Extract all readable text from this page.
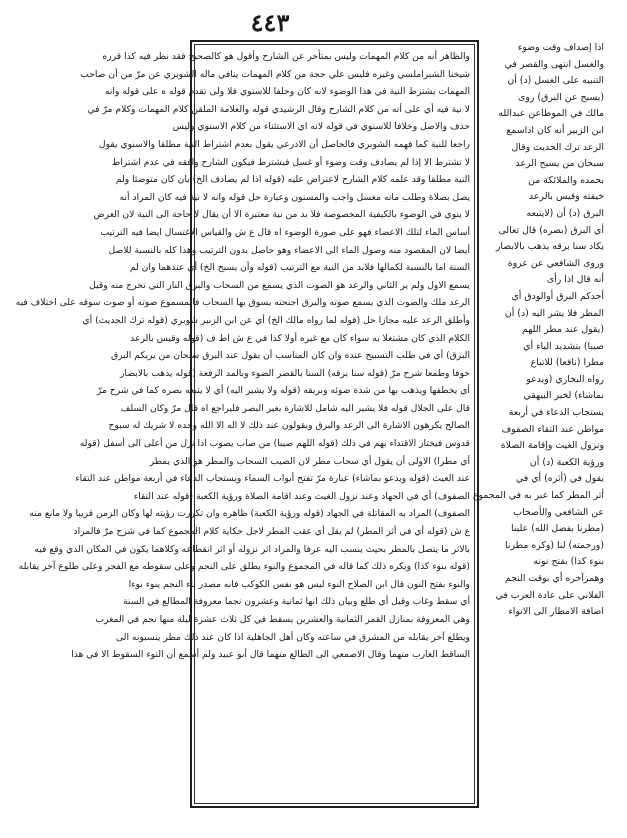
٤٤٣
والظاهر أنه من كلام المهمات وليس بمتأخر عن الشارح وأقول هو كالصحيح فقد نظر فيه كذا قرره
شيخنا الشبراملسي وغيره فليس علي حجة من كلام المهمات ينافي ماله الشوبري عن مرّ من أن صاحب
المهمات يشترط النية في هذا الوضوء لانه كان وحلفا للاسنوي فلا ولى تقدم قوله ه على قوله وانه
لا نية فيه أي على أنه من كلام الشارح وقال الرشيدي قوله والعلامة الملقن كلام المهمات وكلام مرّ في
حذف والاصل وخلافا للاسنوي في قوله لانه اي الاستثناء من كلام الاسنوي وليس
راجعا للنية كما فهمه الشوبري فالحاصل أن الاذرعي يقول بعدم اشتراط النية مطلقا والاسنوي يقول
لا تشترط الا إذا لم يصادف وقت وضوء أو غسل فيشترط فيكون الشارح وافقه في عدم اشتراط
النية مطلقا وقد علمه كلام الشارح لاعتراض عليه (قوله اذا لم يصادف الخ) بان كان متوضئا ولم
يصل بصلاة وطلب مانه مغسل واجب والمسنون وعبارة حل قوله وانه لا نية فيه كان المراد أنه
لا ينوي في الوضوء بالكيفية المخصوصة فلا بد من نية معتبرة الا أن يقال لا حاجة الى النية لان الغرض
أساس الماء لتلك الاعضاء فهو على صورة الوضوء اه قال ع ش والقياس الاغتسال ايضا فيه الترتيب
أيضا لان المقصود منه وصول الماء الى الاعضاء وهو حاصل بدون الترتيب وهذا كله بالنسبة للاصل
السنة اما بالنسبة لكمالها فلابد من النية مع الترتيب (قوله وأن يسبح الخ) أي عندهما وان لم
يسمع الاول ولم ير الثاني والرعد هو الصوت الذي يسمع من السحاب والبرق النار التي تخرج منه وقيل
الرعد ملك والصوت الذي يسمع صوته والبرق اجنحته يسوق بها السحاب فالمسموع صوته أو صوت سوقه على اختلاف فيه
وأطلق الرعد عليه مجازا حل (قوله لما رواه مالك الخ) أي عن ابن الزبير شوبري (قوله ترك الحديث) أي
الكلام الذي كان مشتغلا به سواء كان مع غيره أولا كذا في ع ش اط ف (قوله وقيس بالرعد
البرق) أي في طلب التسبيح عنده وان كان المناسب أن يقول عند البرق سبحان من يريكم البرق
خوفا وطمعا شرح مرّ (قوله سنا برقه) السنا بالقصر الضوء وبالمد الرفعة (قوله يذهب بالابصار
أي يخطفها ويذهب بها من شدة ضوئه وبريقه (قوله ولا يشير اليه) أي لا يتبعه بصره كما في شرح مرّ
قال على الجلال قوله فلا يشير اليه شامل للاشارة بغير البصر فليراجع اه قال مرّ وكان السلف
الصالح يكرهون الاشارة الى الرعد والبرق ويقولون عند ذلك لا اله الا الله وحده لا شريك له سبوح
قدوس فيختار الاقتداء بهم في ذلك (قوله اللهم صيبا) من صاب يصوب اذا نزل من أعلى الى أسفل (قوله
أي مطرا) الاولى أن يقول أي سحاب مطر لان الصيب السحاب والمطر هو الذي يمطر
عند الغيث (قوله ويدعو بماشاء) عبارة مرّ تفتح أبواب السماء ويستجاب الدعاء في أربعة مواطن عند التقاء
الصفوف) أي في الجهاد وعند نزول الغيث وعند اقامة الصلاة ورؤية الكعبة (قوله عند التقاء
الصفوف) المراد به المقاتلة في الجهاد (قوله ورؤية الكعبة) ظاهره وان تكررت رؤيته لها وكان الزمن قريبا ولا مانع منه
ع ش (قوله أي في أثر المطر) لم يقل أي عقب المطر لاجل حكاية كلام المجموع كما في شرح مرّ فالمراد
بالاثر ما يتصل بالمطر بحيث ينسب اليه عرفا والمراد اثر نزوله أو اثر انقطاعه وكلاهما يكون في المكان الذي وقع فيه
(قوله بنوء كذا) ويكره ذلك كما قاله في المجموع والنوء يطلق على النجم وعلى سقوطه مع الفجر وعلى طلوع آخر يقابله
والنوء بفتح النون قال ابن الصلاح النوء ليس هو نفس الكوكب فانه مصدر ناء النجم ينوء نوءا
أي سقط وغاب وقيل أي طلع وبيان ذلك انها ثمانية وعشرون نجما معروفة المطالع في السنة
وهي المعروفة بمنازل القمر الثمانية والعشرين يسقط في كل ثلاث عشرة ليلة منها نجم في المغرب
ويطلع آخر يقابله من المشرق في ساعته وكان أهل الجاهلية اذا كان عند ذلك مطر ينسبونه الى
الساقط الغارب منهما وقال الاصمعي الى الطالع منهما قال أبو عبيد ولم أسمع أن النوء السقوط الا في هذا
اذا إصداف وقت وضوء
والغسل انتهى والقصر في
التنبيه على الغسل (د) أن
(يسبح عن البرق) روى
مالك في الموطاعن عبدالله
ابن الزبير أنه كان اذاسمع
الرعد ترك الحديث وقال
سبحان من يسبح الرعد
بحمده والملائكة من
خيفته وقيس بالرعد
البرق (د) أن (لايتبعه
أي البرق (بصره) قال تعالى
يكاد سنا برقه يذهب بالابصار
وروى الشافعي عن عروة
أنه قال اذا رأى
أحدكم البرق أوالودق أي
المطر فلا يشر اليه (د) أن
(يقول عند مطر اللهم
صيبا) بتشديد الياء أي
مطرا (نافعا) للاتباع
رواه البخاري (ويدعو
بماشاء) لخبر البيهقي
يستجاب الدعاء في أربعة
مواطن عند التقاء الصفوف
ونزول الغيث وإقامة الصلاة
ورؤية الكعبة (د) أن
يقول في (أثره) أي في
أثر المطر كما عبر به في المجموع
عن الشافعي والأصحاب
(مطرنا بفضل الله) علينا
(ورحمته) لنا (وكره مطرنا
بنوء كذا) بفتح نونه
وهمزآخره أي بوقت النجم
الفلاني على عادة العرب في
اضافة الامطار الى الانواء
